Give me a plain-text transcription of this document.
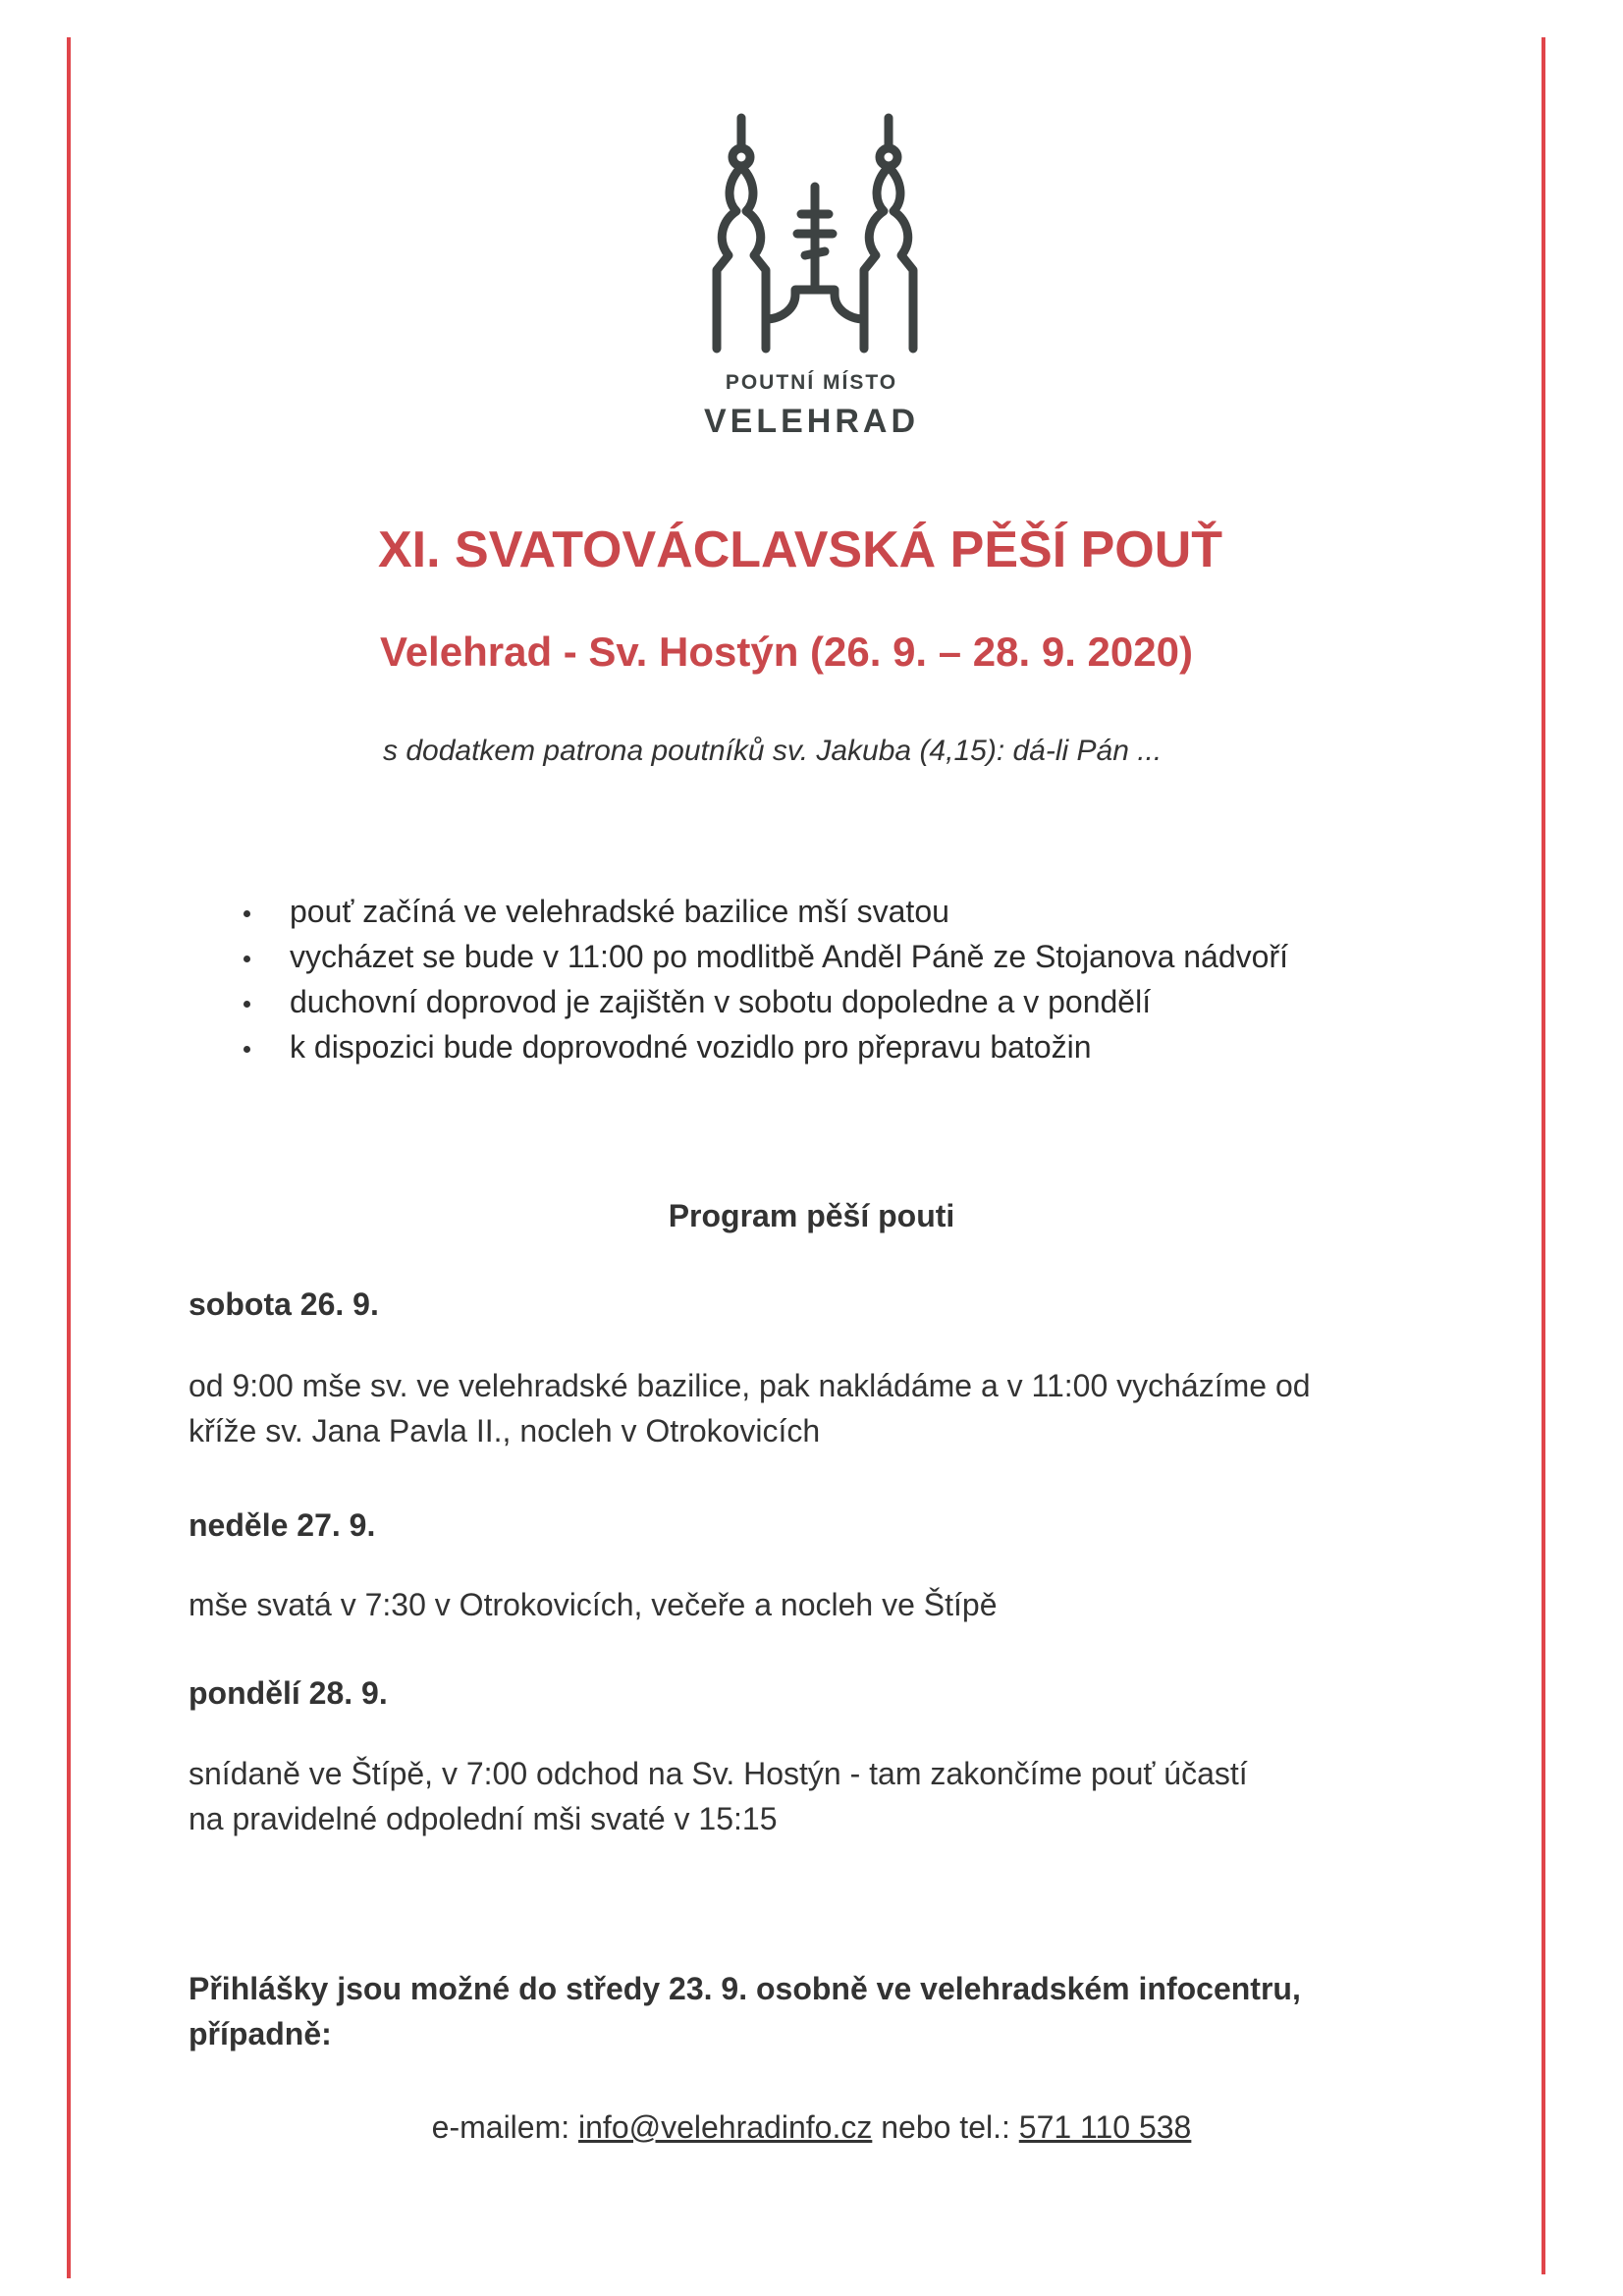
POUTNÍ MÍSTO
VELEHRAD
XI. SVATOVÁCLAVSKÁ PĚŠÍ POUŤ
Velehrad - Sv. Hostýn (26. 9. – 28. 9. 2020)
s dodatkem patrona poutníků sv. Jakuba (4,15): dá-li Pán ...
pouť začíná ve velehradské bazilice mší svatou
vycházet se bude v 11:00 po modlitbě Anděl Páně ze Stojanova nádvoří
duchovní doprovod je zajištěn v sobotu dopoledne a v pondělí
k dispozici bude doprovodné vozidlo pro přepravu batožin
Program pěší pouti
sobota 26. 9.
od 9:00 mše sv. ve velehradské bazilice, pak nakládáme a v 11:00 vycházíme od
kříže sv. Jana Pavla II., nocleh v Otrokovicích
neděle 27. 9.
mše svatá v 7:30 v Otrokovicích, večeře a nocleh ve Štípě
pondělí 28. 9.
snídaně ve Štípě, v 7:00 odchod na Sv. Hostýn - tam zakončíme pouť účastí
na pravidelné odpolední mši svaté v 15:15
Přihlášky jsou možné do středy 23. 9. osobně ve velehradském infocentru,
případně:
e-mailem: info@velehradinfo.cz nebo tel.: 571 110 538
